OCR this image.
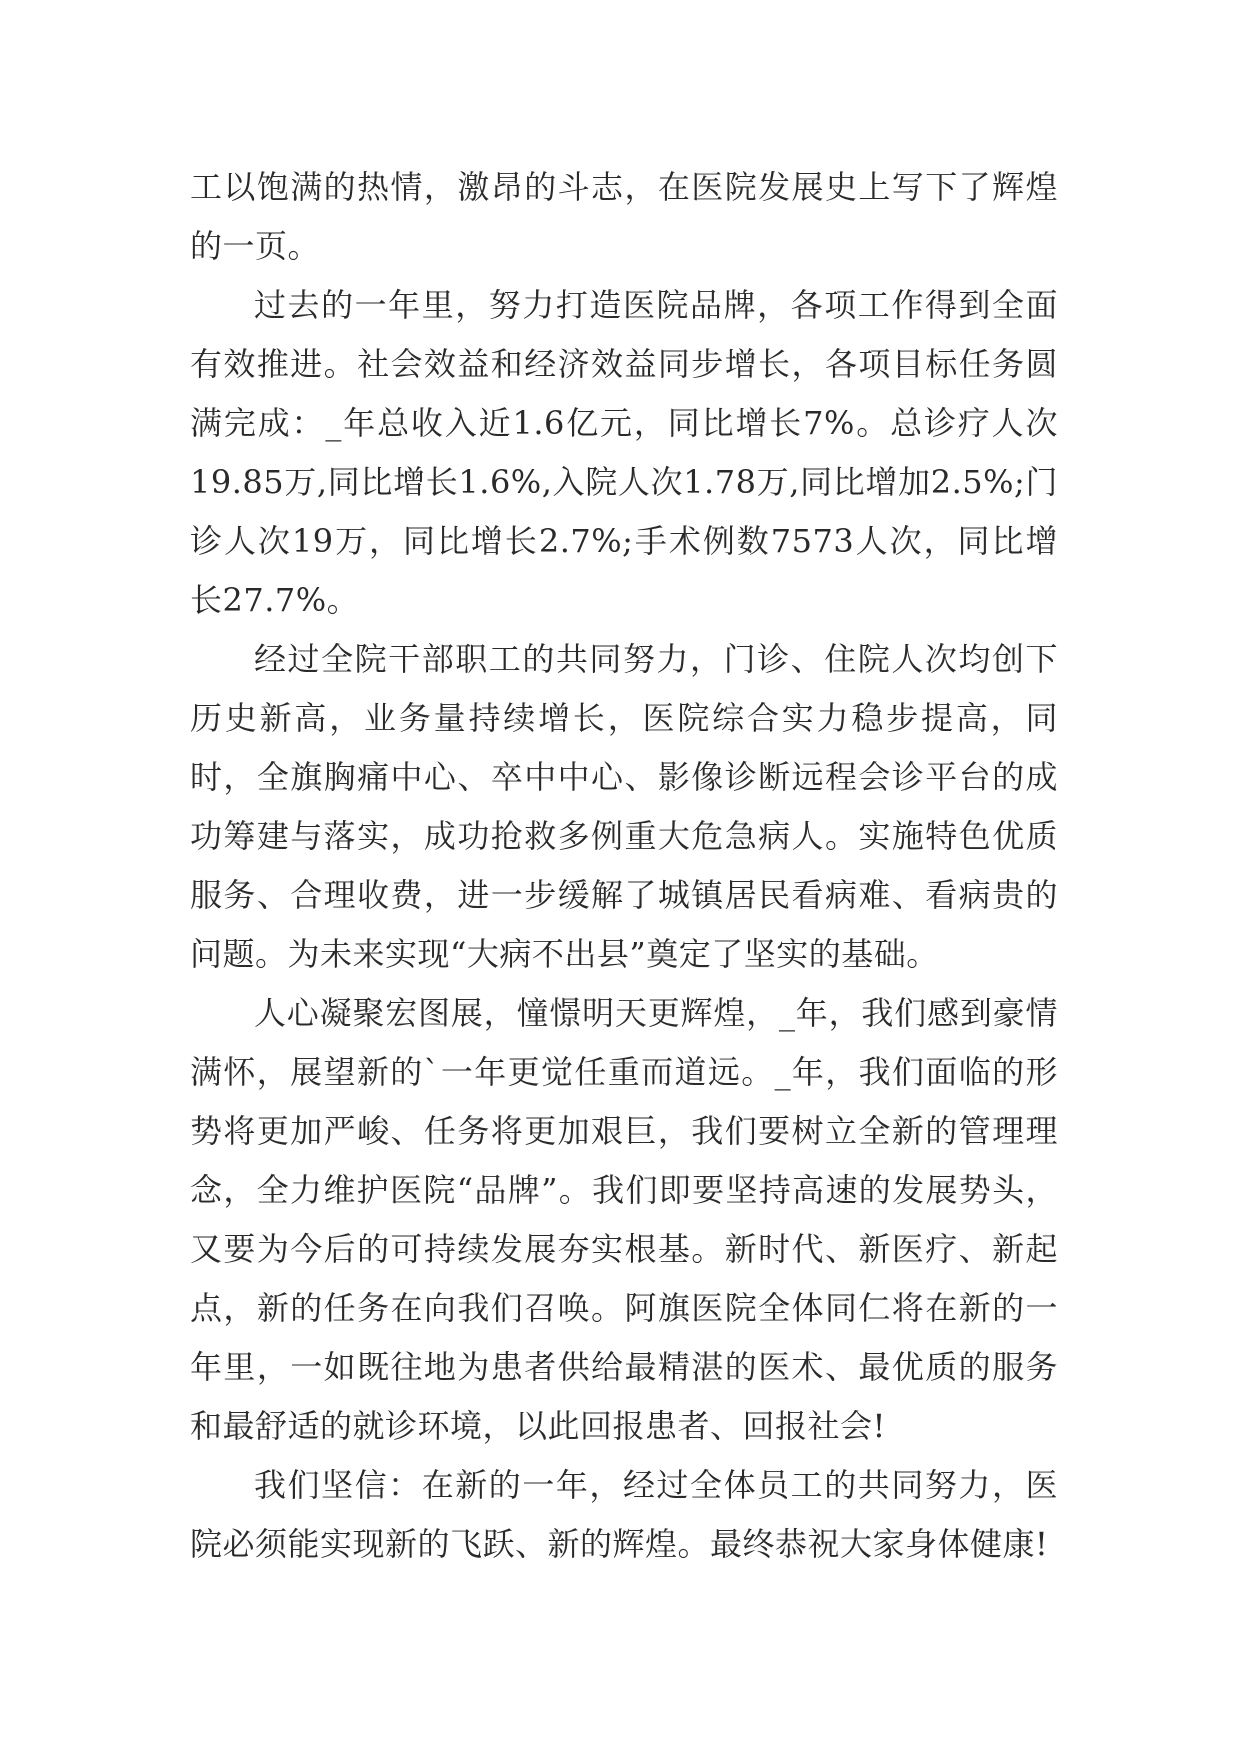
工以饱满的热情，激昂的斗志，在医院发展史上写下了辉煌的一页。

过去的一年里，努力打造医院品牌，各项工作得到全面有效推进。社会效益和经济效益同步增长，各项目标任务圆满完成：_年总收入近1.6亿元，同比增长7%。总诊疗人次19.85万,同比增长1.6%,入院人次1.78万,同比增加2.5%;门诊人次19万，同比增长2.7%;手术例数7573人次，同比增长27.7%。

经过全院干部职工的共同努力，门诊、住院人次均创下历史新高，业务量持续增长，医院综合实力稳步提高，同时，全旗胸痛中心、卒中中心、影像诊断远程会诊平台的成功筹建与落实，成功抢救多例重大危急病人。实施特色优质服务、合理收费，进一步缓解了城镇居民看病难、看病贵的问题。为未来实现“大病不出县”奠定了坚实的基础。

人心凝聚宏图展，憧憬明天更辉煌，_年，我们感到豪情满怀，展望新的`一年更觉任重而道远。_年，我们面临的形势将更加严峻、任务将更加艰巨，我们要树立全新的管理理念，全力维护医院“品牌”。我们即要坚持高速的发展势头，又要为今后的可持续发展夯实根基。新时代、新医疗、新起点，新的任务在向我们召唤。阿旗医院全体同仁将在新的一年里，一如既往地为患者供给最精湛的医术、最优质的服务和最舒适的就诊环境，以此回报患者、回报社会!

我们坚信：在新的一年，经过全体员工的共同努力，医院必须能实现新的飞跃、新的辉煌。最终恭祝大家身体健康!
